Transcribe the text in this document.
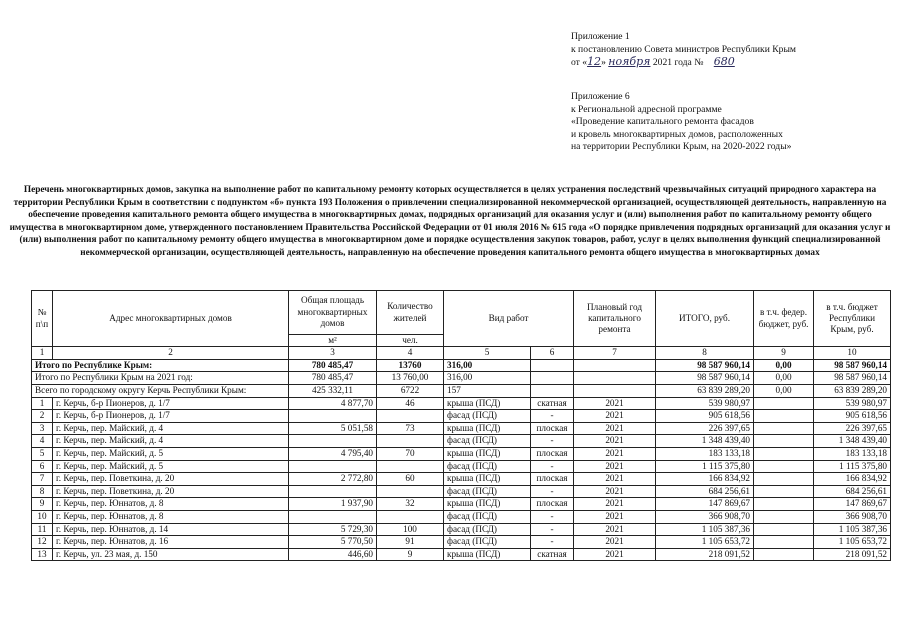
Приложение 1
к постановлению Совета министров Республики Крым
от «12» ноября 2021 года № 680
Приложение 6
к Региональной адресной программе
«Проведение капитального ремонта фасадов
и кровель многоквартирных домов, расположенных
на территории Республики Крым, на 2020-2022 годы»
Перечень многоквартирных домов, закупка на выполнение работ по капитальному ремонту которых осуществляется в целях устранения последствий чрезвычайных ситуаций природного характера на территории Республики Крым в соответствии с подпунктом «б» пункта 193 Положения о привлечении специализированной некоммерческой организацией, осуществляющей деятельность, направленную на обеспечение проведения капитального ремонта общего имущества в многоквартирных домах, подрядных организаций для оказания услуг и (или) выполнения работ по капитальному ремонту общего имущества в многоквартирном доме, утвержденного постановлением Правительства Российской Федерации от 01 июля 2016 № 615 года «О порядке привлечения подрядных организаций для оказания услуг и (или) выполнения работ по капитальному ремонту общего имущества в многоквартирном доме и порядке осуществления закупок товаров, работ, услуг в целях выполнения функций специализированной некоммерческой организации, осуществляющей деятельность, направленную на обеспечение проведения капитального ремонта общего имущества в многоквартирных домах
№ п\п	Адрес многоквартирных домов	Общая площадь многоквартирных домов	Количество жителей	Вид работ		Плановый год капитального ремонта	ИТОГО, руб.	в т.ч. федер. бюджет, руб.	в т.ч. бюджет Республики Крым, руб.
		м²	чел.						
1	2	3	4	5	6	7	8	9	10
Итого по Республике Крым:		780 485,47	13760	316,00			98 587 960,14	0,00	98 587 960,14
Итого по Республики Крым на 2021 год:		780 485,47	13 760,00	316,00			98 587 960,14	0,00	98 587 960,14
Всего по городскому округу Керчь Республики Крым:		425 332,11	6722	157			63 839 289,20	0,00	63 839 289,20
1	г. Керчь, б-р Пионеров, д. 1/7	4 877,70	46	крыша (ПСД)	скатная	2021	539 980,97		539 980,97
2	г. Керчь, б-р Пионеров, д. 1/7			фасад (ПСД)	-	2021	905 618,56		905 618,56
3	г. Керчь, пер. Майский, д. 4	5 051,58	73	крыша (ПСД)	плоская	2021	226 397,65		226 397,65
4	г. Керчь, пер. Майский, д. 4			фасад (ПСД)	-	2021	1 348 439,40		1 348 439,40
5	г. Керчь, пер. Майский, д. 5	4 795,40	70	крыша (ПСД)	плоская	2021	183 133,18		183 133,18
6	г. Керчь, пер. Майский, д. 5			фасад (ПСД)	-	2021	1 115 375,80		1 115 375,80
7	г. Керчь, пер. Поветкина, д. 20	2 772,80	60	крыша (ПСД)	плоская	2021	166 834,92		166 834,92
8	г. Керчь, пер. Поветкина, д. 20			фасад (ПСД)	-	2021	684 256,61		684 256,61
9	г. Керчь, пер. Юннатов, д. 8	1 937,90	32	крыша (ПСД)	плоская	2021	147 869,67		147 869,67
10	г. Керчь, пер. Юннатов, д. 8			фасад (ПСД)	-	2021	366 908,70		366 908,70
11	г. Керчь, пер. Юннатов, д. 14	5 729,30	100	фасад (ПСД)	-	2021	1 105 387,36		1 105 387,36
12	г. Керчь, пер. Юннатов, д. 16	5 770,50	91	фасад (ПСД)	-	2021	1 105 653,72		1 105 653,72
13	г. Керчь, ул. 23 мая, д. 150	446,60	9	крыша (ПСД)	скатная	2021	218 091,52		218 091,52
